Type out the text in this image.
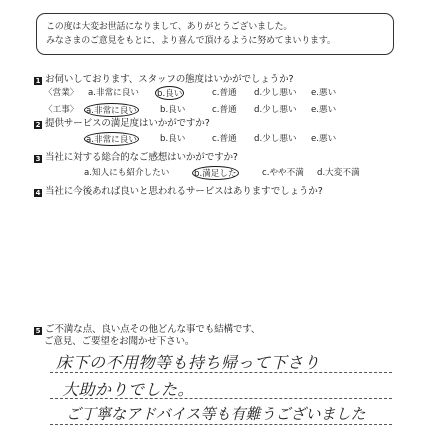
この度は大変お世話になりまして、ありがとうございました。
みなさまのご意見をもとに、より喜んで頂けるように努めてまいります。
1 お伺いしております、スタッフの態度はいかがでしょうか?
〈営業〉 a.非常に良い b.良い	c.普通 d.少し悪い e.悪い
〈工事〉 a.非常に良い	b.良い	c.普通 d.少し悪い e.悪い
2 提供サービスの満足度はいかがですか?
a.非常に良い	b.良い	c.普通 d.少し悪い e.悪い
3 当社に対する総合的なご感想はいかがですか?
a.知人にも紹介したい	b.満足した	c.やや不満 d.大変不満
4 当社に今後あれば良いと思われるサービスはありますでしょうか?
5 ご不満な点、良い点その他どんな事でも結構です、
ご意見、ご要望をお聞かせ下さい。
床下の不用物等も持ち帰って下さり
大助かりでした。
ご丁寧なアドバイス等も有難うございました
